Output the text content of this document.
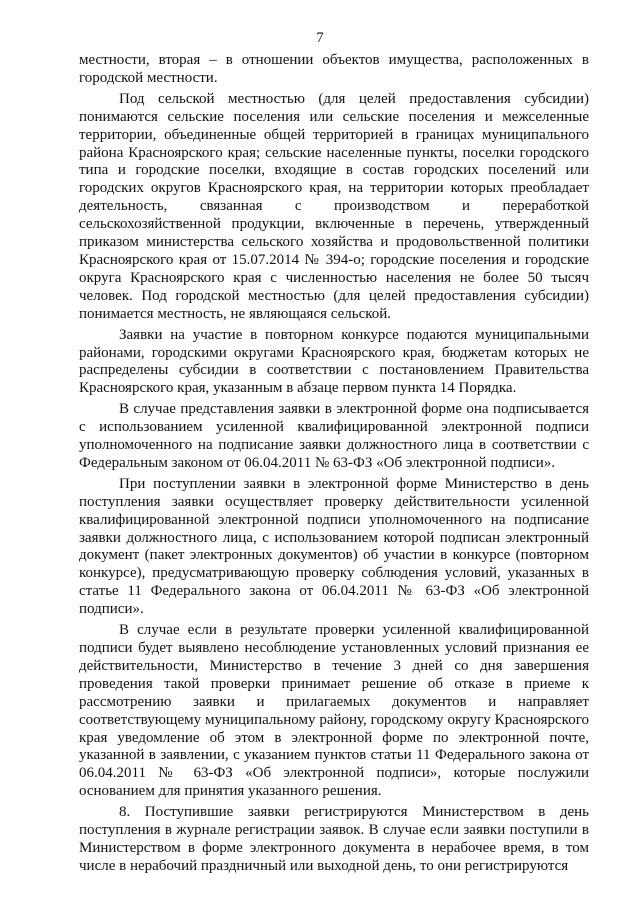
7

местности, вторая – в отношении объектов имущества, расположенных в городской местности.

Под сельской местностью (для целей предоставления субсидии) понимаются сельские поселения или сельские поселения и межселенные территории, объединенные общей территорией в границах муниципального района Красноярского края; сельские населенные пункты, поселки городского типа и городские поселки, входящие в состав городских поселений или городских округов Красноярского края, на территории которых преобладает деятельность, связанная с производством и переработкой сельскохозяйственной продукции, включенные в перечень, утвержденный приказом министерства сельского хозяйства и продовольственной политики Красноярского края от 15.07.2014 № 394-о; городские поселения и городские округа Красноярского края с численностью населения не более 50 тысяч человек. Под городской местностью (для целей предоставления субсидии) понимается местность, не являющаяся сельской.

Заявки на участие в повторном конкурсе подаются муниципальными районами, городскими округами Красноярского края, бюджетам которых не распределены субсидии в соответствии с постановлением Правительства Красноярского края, указанным в абзаце первом пункта 14 Порядка.

В случае представления заявки в электронной форме она подписывается с использованием усиленной квалифицированной электронной подписи уполномоченного на подписание заявки должностного лица в соответствии с Федеральным законом от 06.04.2011 № 63-ФЗ «Об электронной подписи».

При поступлении заявки в электронной форме Министерство в день поступления заявки осуществляет проверку действительности усиленной квалифицированной электронной подписи уполномоченного на подписание заявки должностного лица, с использованием которой подписан электронный документ (пакет электронных документов) об участии в конкурсе (повторном конкурсе), предусматривающую проверку соблюдения условий, указанных в статье 11 Федерального закона от 06.04.2011 № 63-ФЗ «Об электронной подписи».

В случае если в результате проверки усиленной квалифицированной подписи будет выявлено несоблюдение установленных условий признания ее действительности, Министерство в течение 3 дней со дня завершения проведения такой проверки принимает решение об отказе в приеме к рассмотрению заявки и прилагаемых документов и направляет соответствующему муниципальному району, городскому округу Красноярского края уведомление об этом в электронной форме по электронной почте, указанной в заявлении, с указанием пунктов статьи 11 Федерального закона от 06.04.2011 № 63-ФЗ «Об электронной подписи», которые послужили основанием для принятия указанного решения.

8. Поступившие заявки регистрируются Министерством в день поступления в журнале регистрации заявок. В случае если заявки поступили в Министерством в форме электронного документа в нерабочее время, в том числе в нерабочий праздничный или выходной день, то они регистрируются
